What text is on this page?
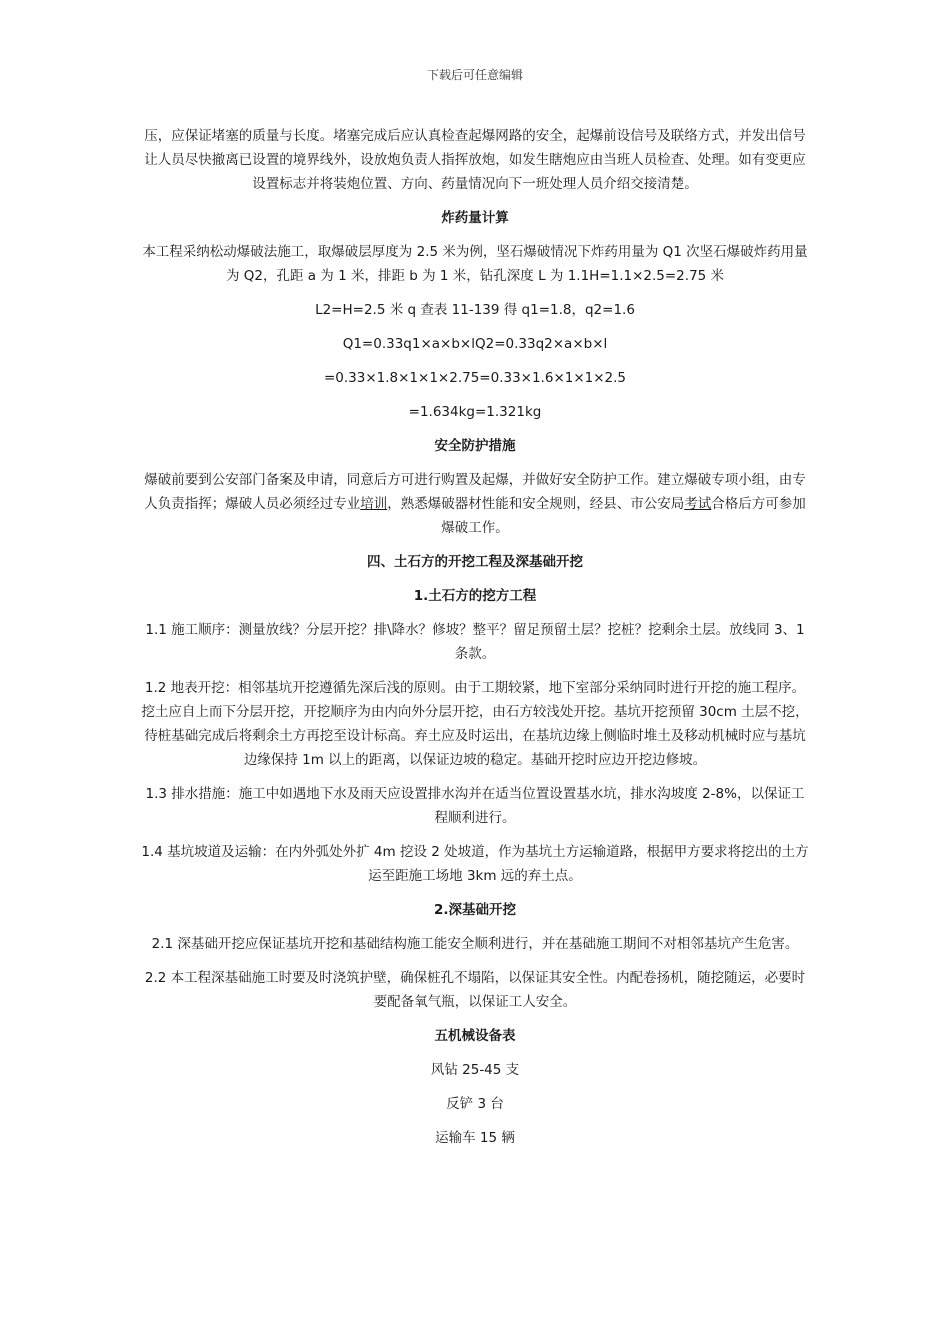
下载后可任意编辑

压，应保证堵塞的质量与长度。堵塞完成后应认真检查起爆网路的安全，起爆前设信号及联络方式，并发出信号让人员尽快撤离已设置的境界线外，设放炮负责人指挥放炮，如发生瞎炮应由当班人员检查、处理。如有变更应设置标志并将装炮位置、方向、药量情况向下一班处理人员介绍交接清楚。

炸药量计算

本工程采纳松动爆破法施工，取爆破层厚度为 2.5 米为例，坚石爆破情况下炸药用量为 Q1 次坚石爆破炸药用量为 Q2，孔距 a 为 1 米，排距 b 为 1 米，钻孔深度 L 为 1.1H=1.1×2.5=2.75 米

L2=H=2.5 米 q 查表 11-139 得 q1=1.8，q2=1.6
Q1=0.33q1×a×b×lQ2=0.33q2×a×b×l
=0.33×1.8×1×1×2.75=0.33×1.6×1×1×2.5
=1.634kg=1.321kg
安全防护措施

爆破前要到公安部门备案及申请，同意后方可进行购置及起爆，并做好安全防护工作。建立爆破专项小组，由专人负责指挥；爆破人员必须经过专业培训，熟悉爆破器材性能和安全规则，经县、市公安局考试合格后方可参加爆破工作。

四、土石方的开挖工程及深基础开挖
1.土石方的挖方工程

1.1 施工顺序：测量放线？分层开挖？排\降水？修坡？整平？留足预留土层？挖桩？挖剩余土层。放线同 3、1 条款。

1.2 地表开挖：相邻基坑开挖遵循先深后浅的原则。由于工期较紧，地下室部分采纳同时进行开挖的施工程序。挖土应自上而下分层开挖，开挖顺序为由内向外分层开挖，由石方较浅处开挖。基坑开挖预留 30cm 土层不挖，待桩基础完成后将剩余土方再挖至设计标高。弃土应及时运出，在基坑边缘上侧临时堆土及移动机械时应与基坑边缘保持 1m 以上的距离，以保证边坡的稳定。基础开挖时应边开挖边修坡。

1.3 排水措施：施工中如遇地下水及雨天应设置排水沟并在适当位置设置基水坑，排水沟坡度 2-8%，以保证工程顺利进行。

1.4 基坑坡道及运输：在内外弧处外扩 4m 挖设 2 处坡道，作为基坑土方运输道路，根据甲方要求将挖出的土方运至距施工场地 3km 远的弃土点。

2.深基础开挖

2.1 深基础开挖应保证基坑开挖和基础结构施工能安全顺利进行，并在基础施工期间不对相邻基坑产生危害。

2.2 本工程深基础施工时要及时浇筑护壁，确保桩孔不塌陷，以保证其安全性。内配卷扬机，随挖随运，必要时要配备氧气瓶，以保证工人安全。

五机械设备表

风钻 25-45 支

反铲 3 台

运输车 15 辆
